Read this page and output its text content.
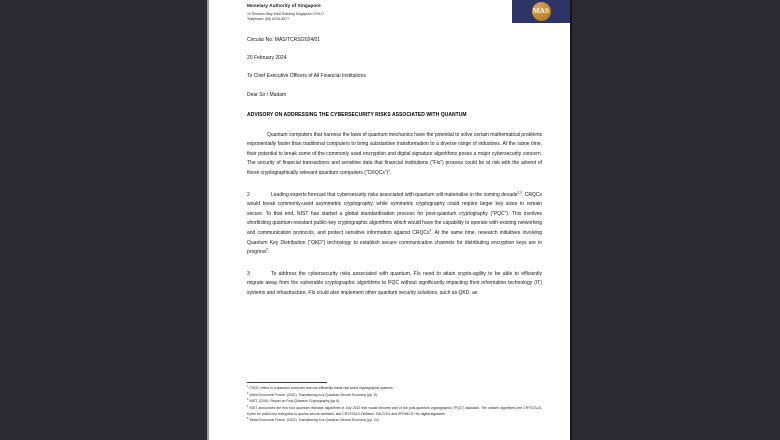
MAS
Monetary Authority of Singapore
10 Shenton Way MAS Building Singapore 079117
Telephone: (65) 6225-5577
Circular No. MAS/TCRS/2024/01
20 February 2024
To Chief Executive Officers of All Financial Institutions
Dear Sir / Madam
ADVISORY ON ADDRESSING THE CYBERSECURITY RISKS ASSOCIATED WITH QUANTUM

Quantum computers that harness the laws of quantum mechanics have the potential to solve certain mathematical problems exponentially faster than traditional computers to bring substantive transformation to a diverse range of industries. At the same time, their potential to break some of the commonly used encryption and digital signature algorithms poses a major cybersecurity concern. The security of financial transactions and sensitive data that financial institutions (“FIs”) process could be at risk with the advent of these cryptographically relevant quantum computers (“CRQCs”)$^1$.

2	Leading experts forecast that cybersecurity risks associated with quantum will materialise in the coming decade$^{2,3}$. CRQCs would break commonly-used asymmetric cryptography, while symmetric cryptography could require larger key sizes to remain secure. To that end, NIST has started a global standardisation process for post-quantum cryptography (“PQC”). This involves shortlisting quantum-resistant public-key cryptographic algorithms which would have the capability to operate with existing networking and communication protocols, and protect sensitive information against CRQCs$^4$. At the same time, research initiatives involving Quantum Key Distribution (“QKD”) technology to establish secure communication channels for distributing encryption keys are in progress$^5$.

3	To address the cybersecurity risks associated with quantum, FIs need to attain crypto-agility to be able to efficiently migrate away from the vulnerable cryptographic algorithms to PQC without significantly impacting their information technology (IT) systems and infrastructure. FIs could also implement other quantum security solutions, such as QKD, as

$^1$CRQC refers to a quantum computer that can efficiently break real world cryptographic systems.
$^2$World Economic Forum. (2022). Transitioning to a Quantum-Secure Economy (pp. 9).
$^3$NIST. (2016). Report on Post-Quantum Cryptography (pp.6).
$^4$NIST announced the first four quantum resistant algorithms in July 2022 that would become part of the post-quantum cryptographic (“PQC”) standard. The chosen algorithms are CRYSTALS-Kyber for public key encryption to access secure websites, and CRYSTALS-Dilithium, FALCON, and SPHINCS+ for digital signature.
$^5$World Economic Forum. (2022). Transitioning to a Quantum-Secure Economy (pp. 24).
